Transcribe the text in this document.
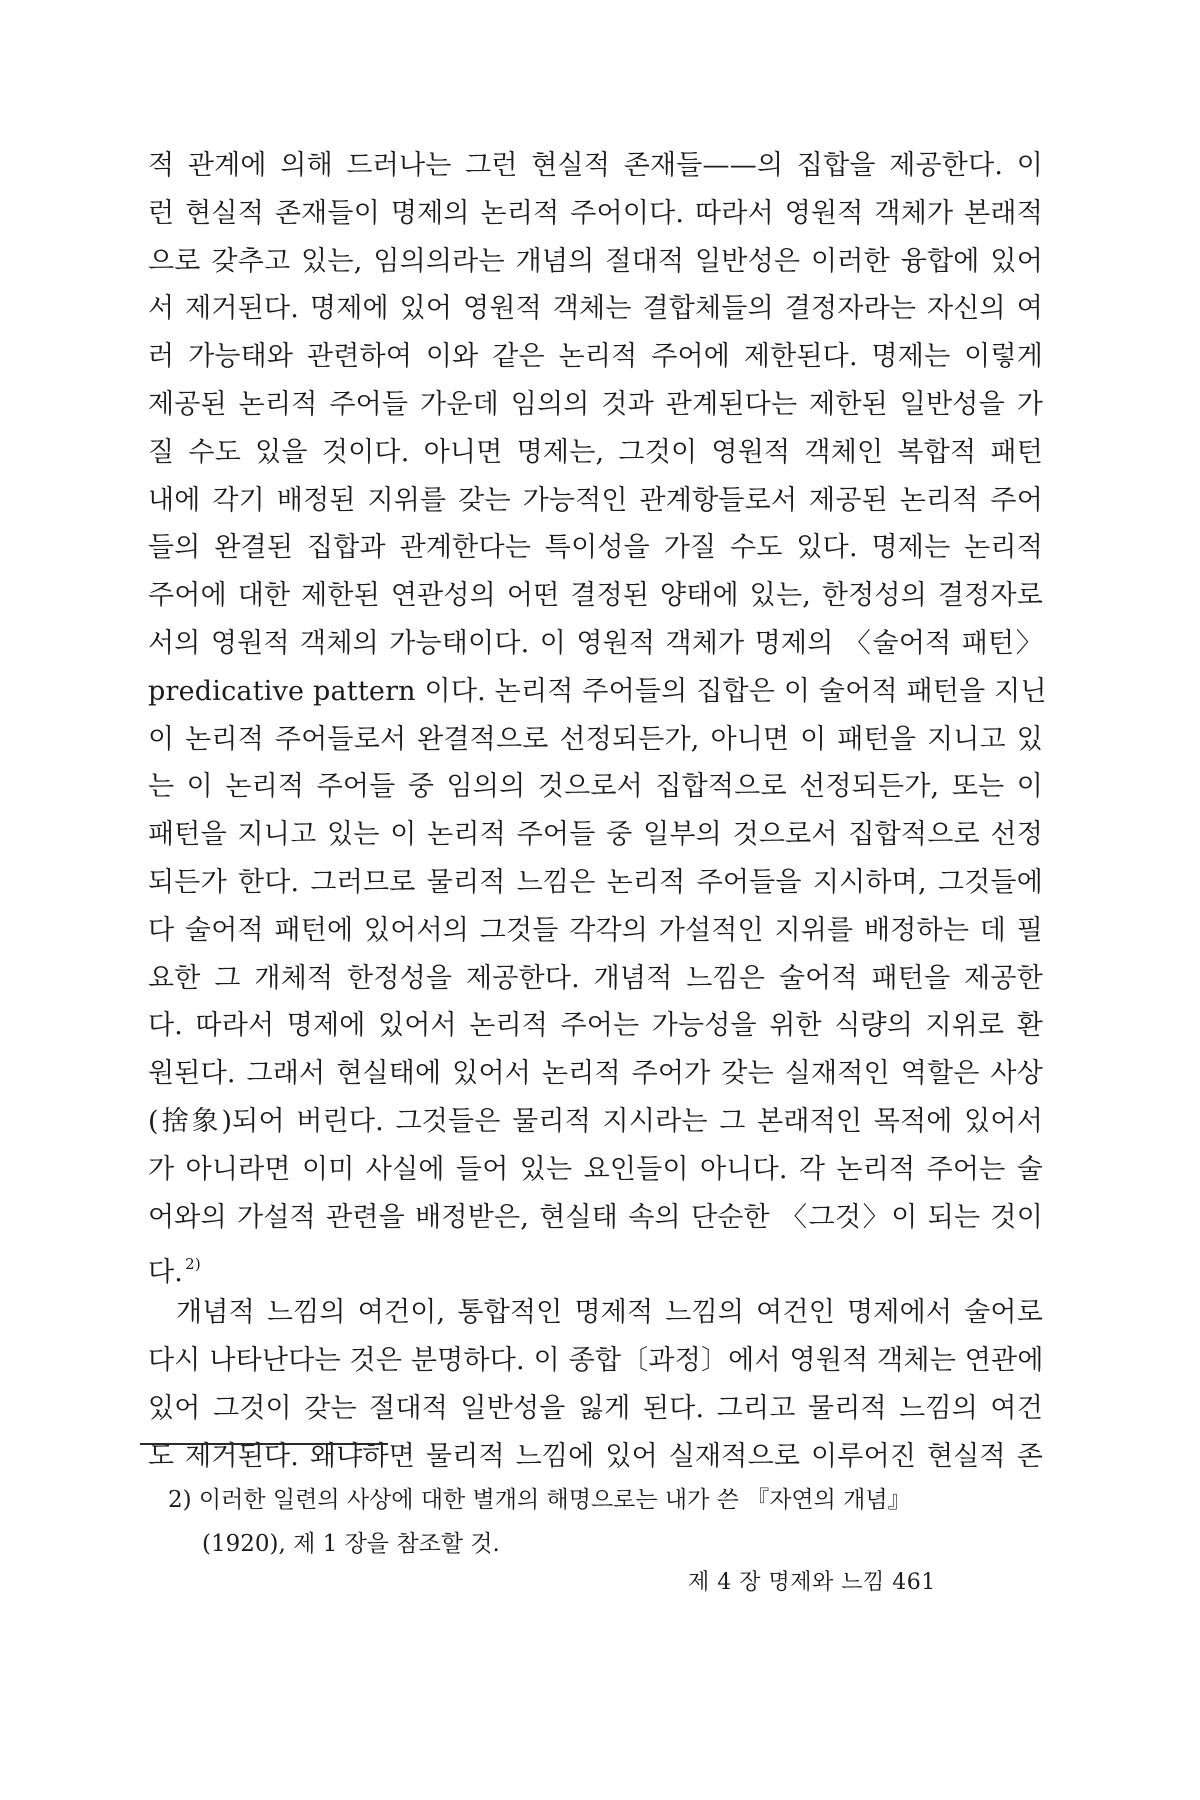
적 관계에 의해 드러나는 그런 현실적 존재들——의 집합을 제공한다. 이
런 현실적 존재들이 명제의 논리적 주어이다. 따라서 영원적 객체가 본래적
으로 갖추고 있는, 임의의라는 개념의 절대적 일반성은 이러한 융합에 있어
서 제거된다. 명제에 있어 영원적 객체는 결합체들의 결정자라는 자신의 여
러 가능태와 관련하여 이와 같은 논리적 주어에 제한된다. 명제는 이렇게
제공된 논리적 주어들 가운데 임의의 것과 관계된다는 제한된 일반성을 가
질 수도 있을 것이다. 아니면 명제는, 그것이 영원적 객체인 복합적 패턴
내에 각기 배정된 지위를 갖는 가능적인 관계항들로서 제공된 논리적 주어
들의 완결된 집합과 관계한다는 특이성을 가질 수도 있다. 명제는 논리적
주어에 대한 제한된 연관성의 어떤 결정된 양태에 있는, 한정성의 결정자로
서의 영원적 객체의 가능태이다. 이 영원적 객체가 명제의 〈술어적 패턴〉
predicative pattern 이다. 논리적 주어들의 집합은 이 술어적 패턴을 지닌
이 논리적 주어들로서 완결적으로 선정되든가, 아니면 이 패턴을 지니고 있
는 이 논리적 주어들 중 임의의 것으로서 집합적으로 선정되든가, 또는 이
패턴을 지니고 있는 이 논리적 주어들 중 일부의 것으로서 집합적으로 선정
되든가 한다. 그러므로 물리적 느낌은 논리적 주어들을 지시하며, 그것들에
다 술어적 패턴에 있어서의 그것들 각각의 가설적인 지위를 배정하는 데 필
요한 그 개체적 한정성을 제공한다. 개념적 느낌은 술어적 패턴을 제공한
다. 따라서 명제에 있어서 논리적 주어는 가능성을 위한 식량의 지위로 환
원된다. 그래서 현실태에 있어서 논리적 주어가 갖는 실재적인 역할은 사상
(捨象)되어 버린다. 그것들은 물리적 지시라는 그 본래적인 목적에 있어서
가 아니라면 이미 사실에 들어 있는 요인들이 아니다. 각 논리적 주어는 술
어와의 가설적 관련을 배정받은, 현실태 속의 단순한 〈그것〉이 되는 것이
다. $^{2)}$
개념적 느낌의 여건이, 통합적인 명제적 느낌의 여건인 명제에서 술어로
다시 나타난다는 것은 분명하다. 이 종합〔과정〕에서 영원적 객체는 연관에
있어 그것이 갖는 절대적 일반성을 잃게 된다. 그리고 물리적 느낌의 여건
도 제거된다. 왜냐하면 물리적 느낌에 있어 실재적으로 이루어진 현실적 존
2) 이러한 일련의 사상에 대한 별개의 해명으로는 내가 쓴 『자연의 개념』
(1920), 제 1 장을 참조할 것.
제 4 장 명제와 느낌 461
